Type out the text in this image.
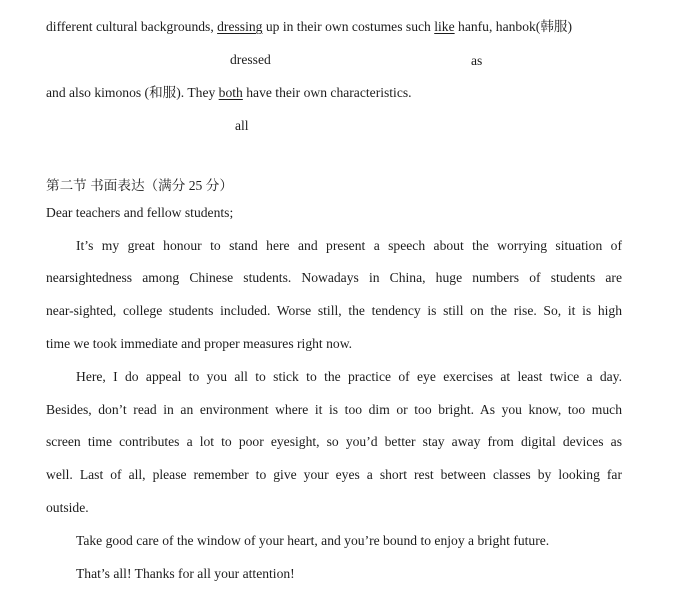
different cultural backgrounds, dressing up in their own costumes such like hanfu, hanbok(韩服)
dressed	as
and also kimonos (和服). They both have their own characteristics.
all
第二节 书面表达（满分 25 分）
Dear teachers and fellow students;
It’s my great honour to stand here and present a speech about the worrying situation of
nearsightedness among Chinese students. Nowadays in China, huge numbers of students are
near-sighted, college students included. Worse still, the tendency is still on the rise. So, it is high
time we took immediate and proper measures right now.
Here, I do appeal to you all to stick to the practice of eye exercises at least twice a day.
Besides, don’t read in an environment where it is too dim or too bright. As you know, too much
screen time contributes a lot to poor eyesight, so you’d better stay away from digital devices as
well. Last of all, please remember to give your eyes a short rest between classes by looking far
outside.
Take good care of the window of your heart, and you’re bound to enjoy a bright future.
That’s all! Thanks for all your attention!
